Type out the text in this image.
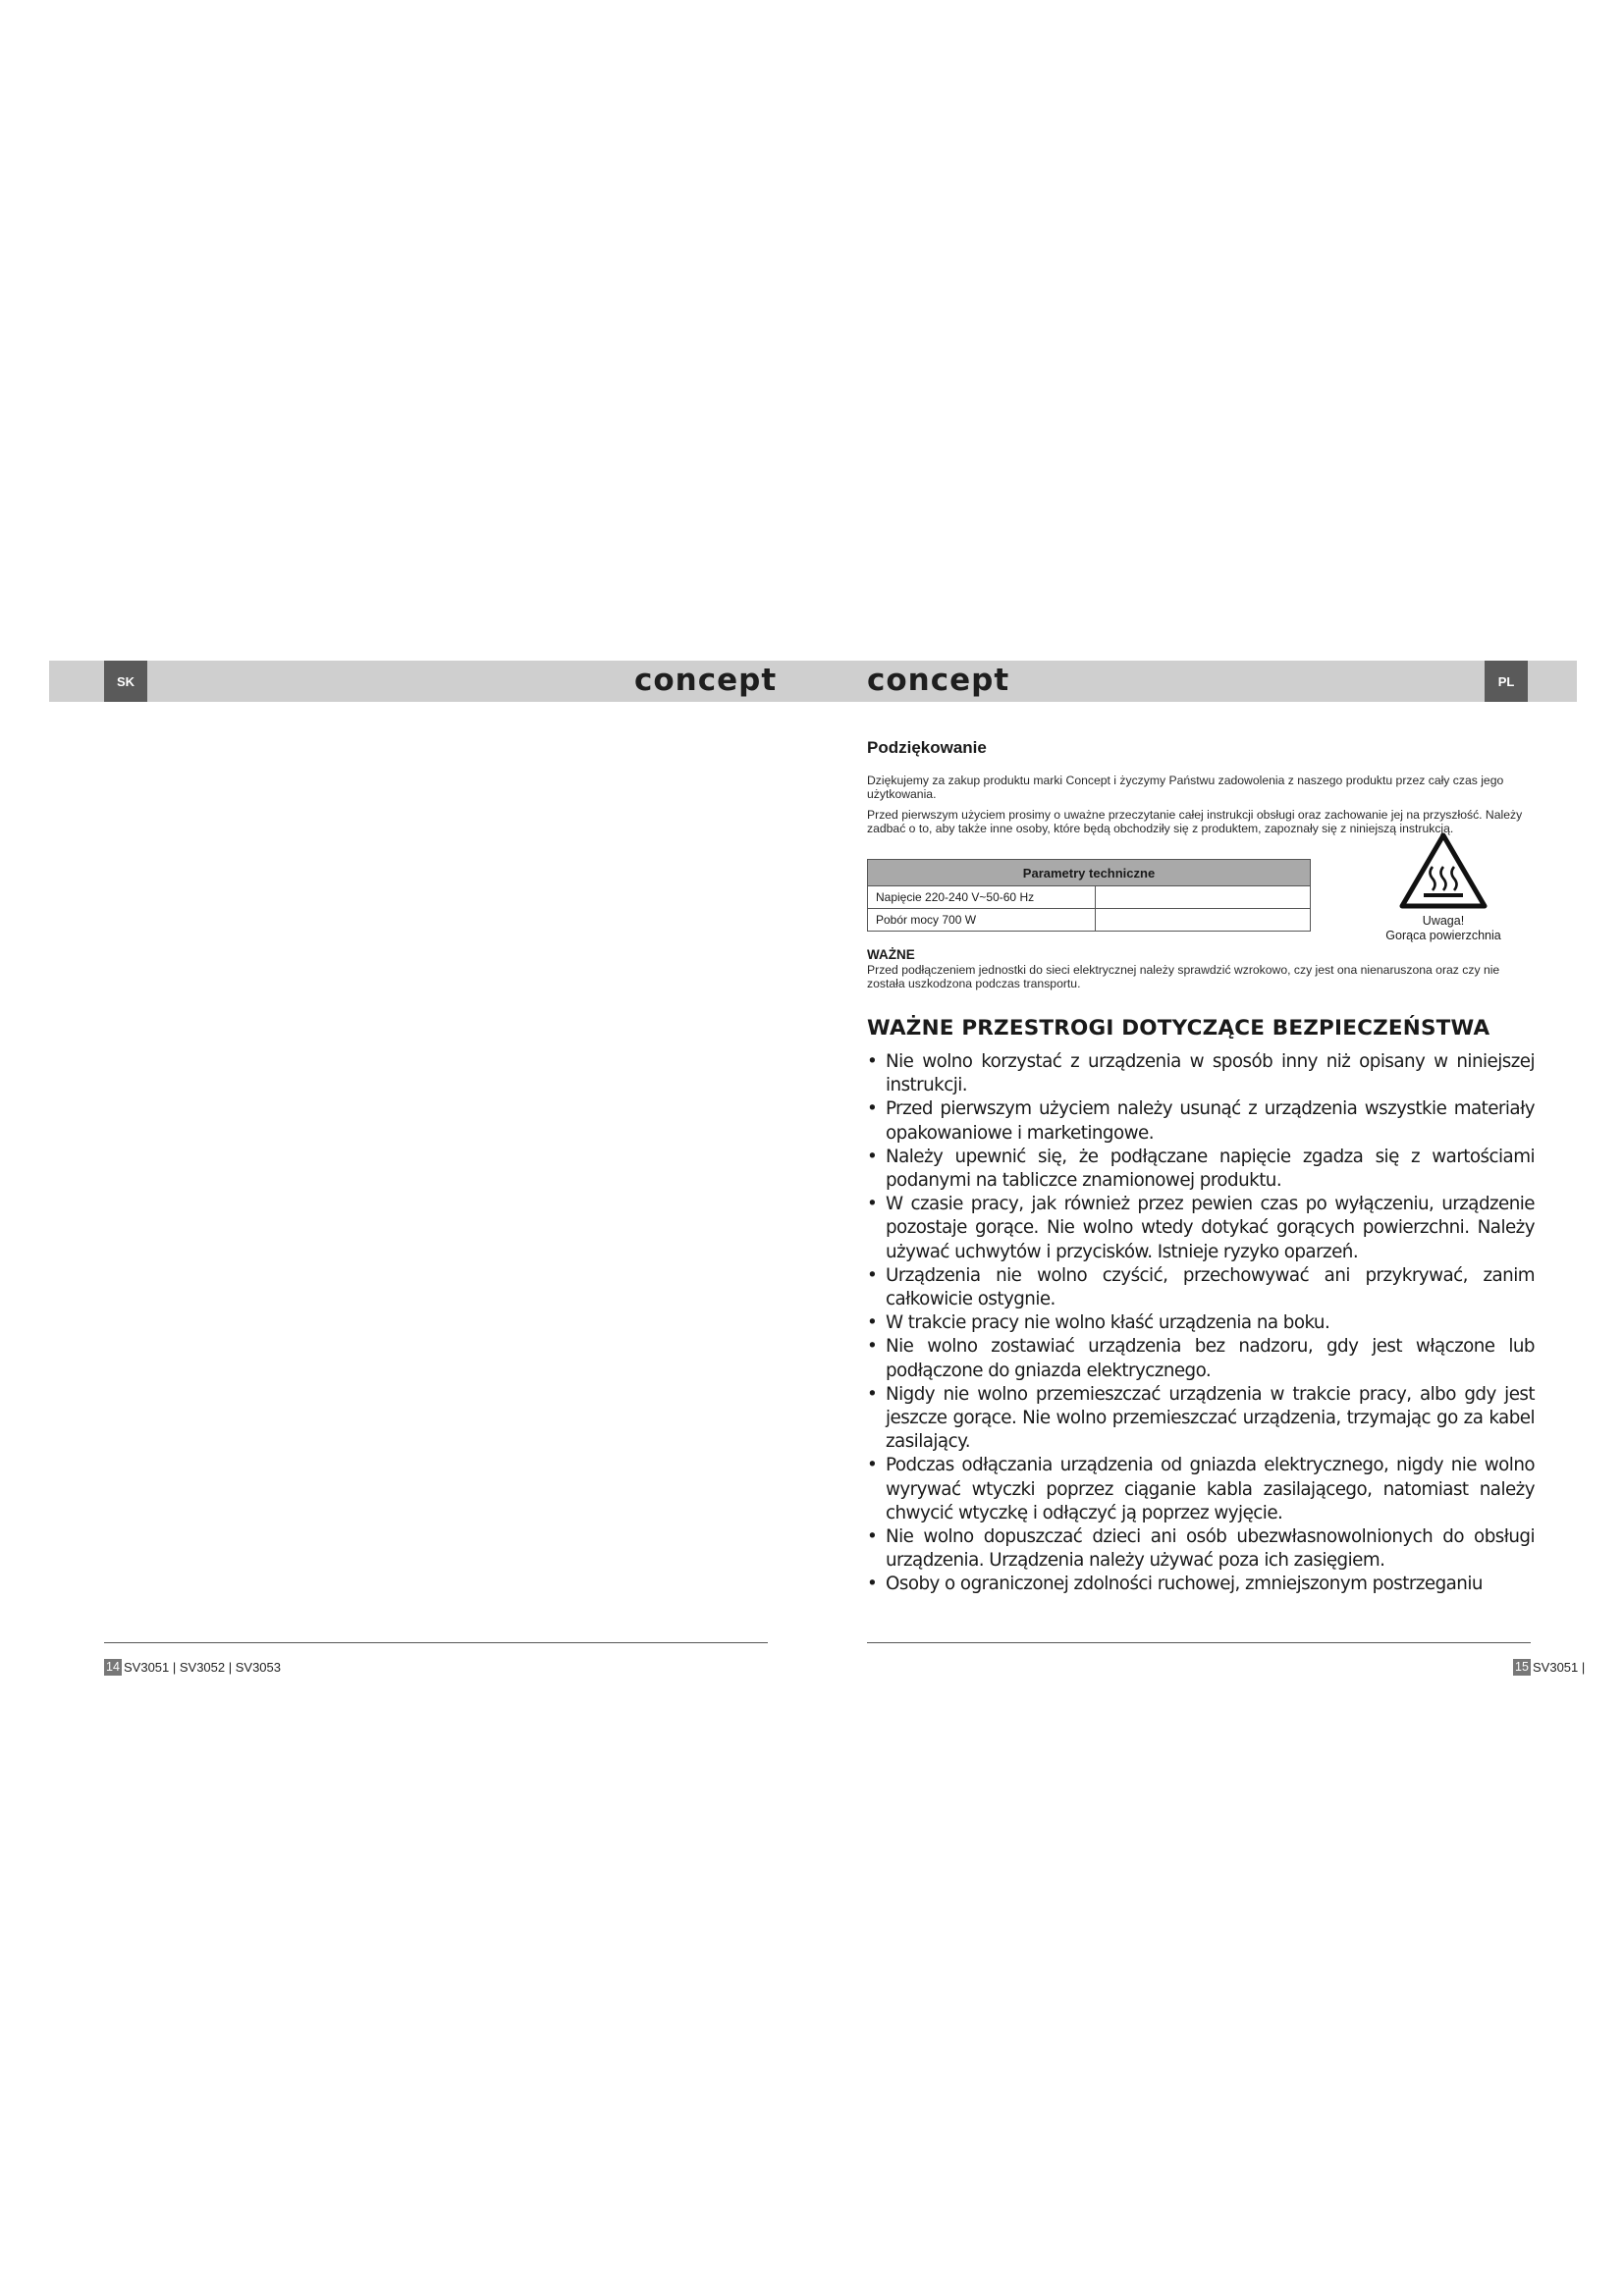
SK	PL
concept	concept
Podziękowanie

Dziękujemy za zakup produktu marki Concept i życzymy Państwu zadowolenia z naszego produktu przez cały czas jego użytkowania.

Przed pierwszym użyciem prosimy o uważne przeczytanie całej instrukcji obsługi oraz zachowanie jej na przyszłość. Należy zadbać o to, aby także inne osoby, które będą obchodziły się z produktem, zapoznały się z niniejszą instrukcją.

Parametry techniczne	
Napięcie 220-240 V~50-60 Hz	
Pobór mocy 700 W		Uwaga!
Gorąca powierzchnia
WAŻNE

Przed podłączeniem jednostki do sieci elektrycznej należy sprawdzić wzrokowo, czy jest ona nienaruszona oraz czy nie została uszkodzona podczas transportu.

WAŻNE PRZESTROGI DOTYCZĄCE BEZPIECZEŃSTWA
• Nie wolno korzystać z urządzenia w sposób inny niż opisany w niniejszej instrukcji.
• Przed pierwszym użyciem należy usunąć z urządzenia wszystkie materiały opakowaniowe i marketingowe.
• Należy upewnić się, że podłączane napięcie zgadza się z wartościami podanymi na tabliczce znamionowej produktu.
• W czasie pracy, jak również przez pewien czas po wyłączeniu, urządzenie pozostaje gorące. Nie wolno wtedy dotykać gorących powierzchni. Należy używać uchwytów i przycisków. Istnieje ryzyko oparzeń.
• Urządzenia nie wolno czyścić, przechowywać ani przykrywać, zanim całkowicie ostygnie.
• W trakcie pracy nie wolno kłaść urządzenia na boku.
• Nie wolno zostawiać urządzenia bez nadzoru, gdy jest włączone lub podłączone do gniazda elektrycznego.
• Nigdy nie wolno przemieszczać urządzenia w trakcie pracy, albo gdy jest jeszcze gorące. Nie wolno przemieszczać urządzenia, trzymając go za kabel zasilający.
• Podczas odłączania urządzenia od gniazda elektrycznego, nigdy nie wolno wyrywać wtyczki poprzez ciąganie kabla zasilającego, natomiast należy chwycić wtyczkę i odłączyć ją poprzez wyjęcie.
• Nie wolno dopuszczać dzieci ani osób ubezwłasnowolnionych do obsługi urządzenia. Urządzenia należy używać poza ich zasięgiem.
• Osoby o ograniczonej zdolności ruchowej, zmniejszonym postrzeganiu
14 SV3051 | SV3052 | SV3053	15 SV3051 |
